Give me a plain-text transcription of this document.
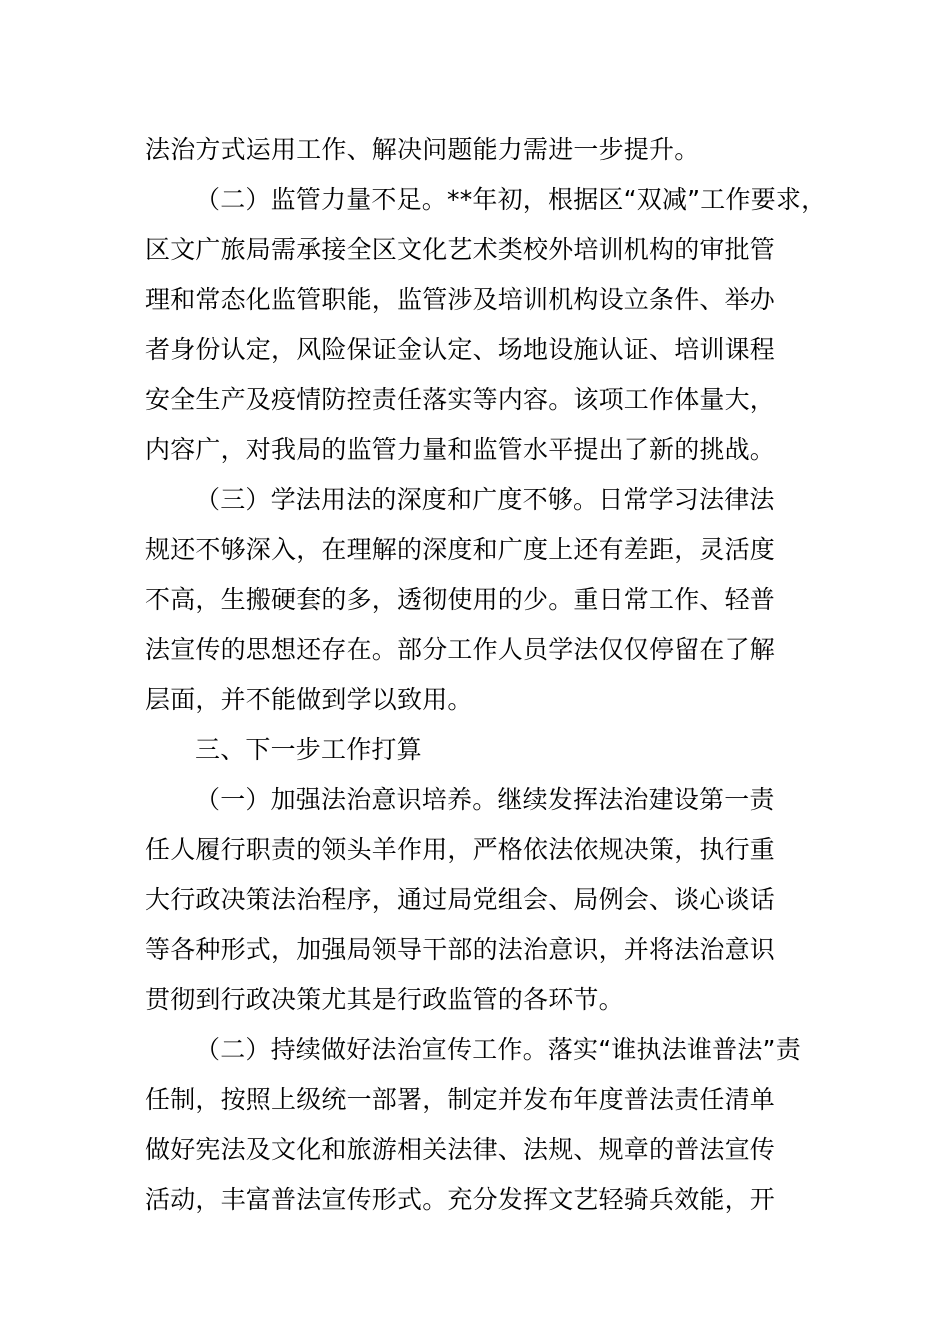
法治方式运用工作、解决问题能力需进一步提升。
（二）监管力量不足。**年初，根据区“双减”工作要求，
区文广旅局需承接全区文化艺术类校外培训机构的审批管
理和常态化监管职能，监管涉及培训机构设立条件、举办
者身份认定，风险保证金认定、场地设施认证、培训课程
安全生产及疫情防控责任落实等内容。该项工作体量大，
内容广，对我局的监管力量和监管水平提出了新的挑战。
（三）学法用法的深度和广度不够。日常学习法律法
规还不够深入，在理解的深度和广度上还有差距，灵活度
不高，生搬硬套的多，透彻使用的少。重日常工作、轻普
法宣传的思想还存在。部分工作人员学法仅仅停留在了解
层面，并不能做到学以致用。
三、下一步工作打算
（一）加强法治意识培养。继续发挥法治建设第一责
任人履行职责的领头羊作用，严格依法依规决策，执行重
大行政决策法治程序，通过局党组会、局例会、谈心谈话
等各种形式，加强局领导干部的法治意识，并将法治意识
贯彻到行政决策尤其是行政监管的各环节。
（二）持续做好法治宣传工作。落实“谁执法谁普法”责
任制，按照上级统一部署，制定并发布年度普法责任清单
做好宪法及文化和旅游相关法律、法规、规章的普法宣传
活动，丰富普法宣传形式。充分发挥文艺轻骑兵效能，开
